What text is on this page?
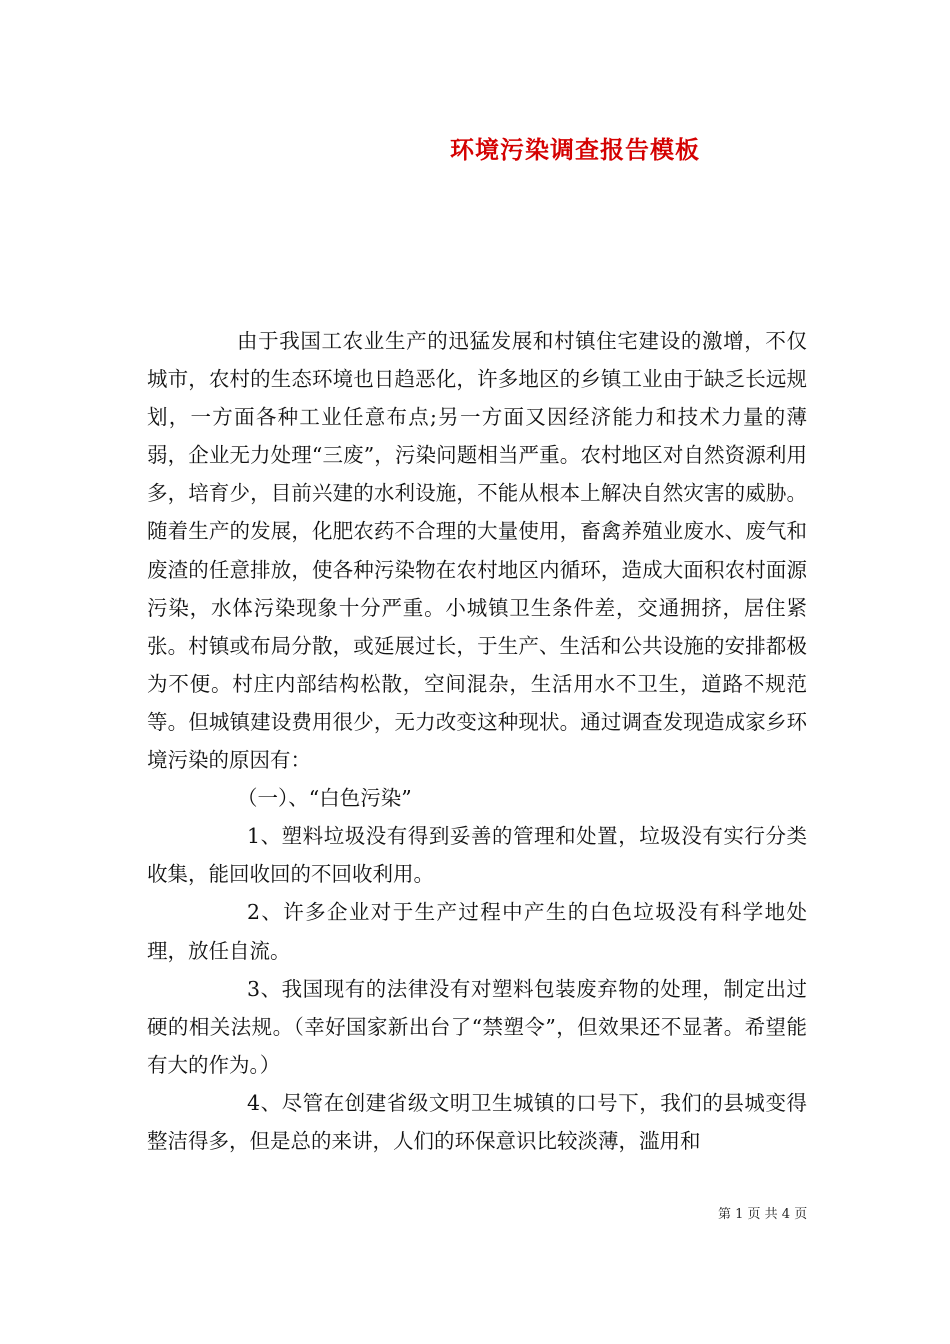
环境污染调查报告模板

由于我国工农业生产的迅猛发展和村镇住宅建设的激增，不仅城市，农村的生态环境也日趋恶化，许多地区的乡镇工业由于缺乏长远规划，一方面各种工业任意布点;另一方面又因经济能力和技术力量的薄弱，企业无力处理“三废”，污染问题相当严重。农村地区对自然资源利用多，培育少，目前兴建的水利设施，不能从根本上解决自然灾害的威胁。随着生产的发展，化肥农药不合理的大量使用，畜禽养殖业废水、废气和废渣的任意排放，使各种污染物在农村地区内循环，造成大面积农村面源污染，水体污染现象十分严重。小城镇卫生条件差，交通拥挤，居住紧张。村镇或布局分散，或延展过长，于生产、生活和公共设施的安排都极为不便。村庄内部结构松散，空间混杂，生活用水不卫生，道路不规范等。但城镇建设费用很少，无力改变这种现状。通过调查发现造成家乡环境污染的原因有：

（一）、“白色污染”

1、塑料垃圾没有得到妥善的管理和处置，垃圾没有实行分类收集，能回收回的不回收利用。

2、许多企业对于生产过程中产生的白色垃圾没有科学地处理，放任自流。

3、我国现有的法律没有对塑料包装废弃物的处理，制定出过硬的相关法规。（幸好国家新出台了“禁塑令”，但效果还不显著。希望能有大的作为。）

4、尽管在创建省级文明卫生城镇的口号下，我们的县城变得整洁得多，但是总的来讲，人们的环保意识比较淡薄，滥用和

第 1 页 共 4 页
